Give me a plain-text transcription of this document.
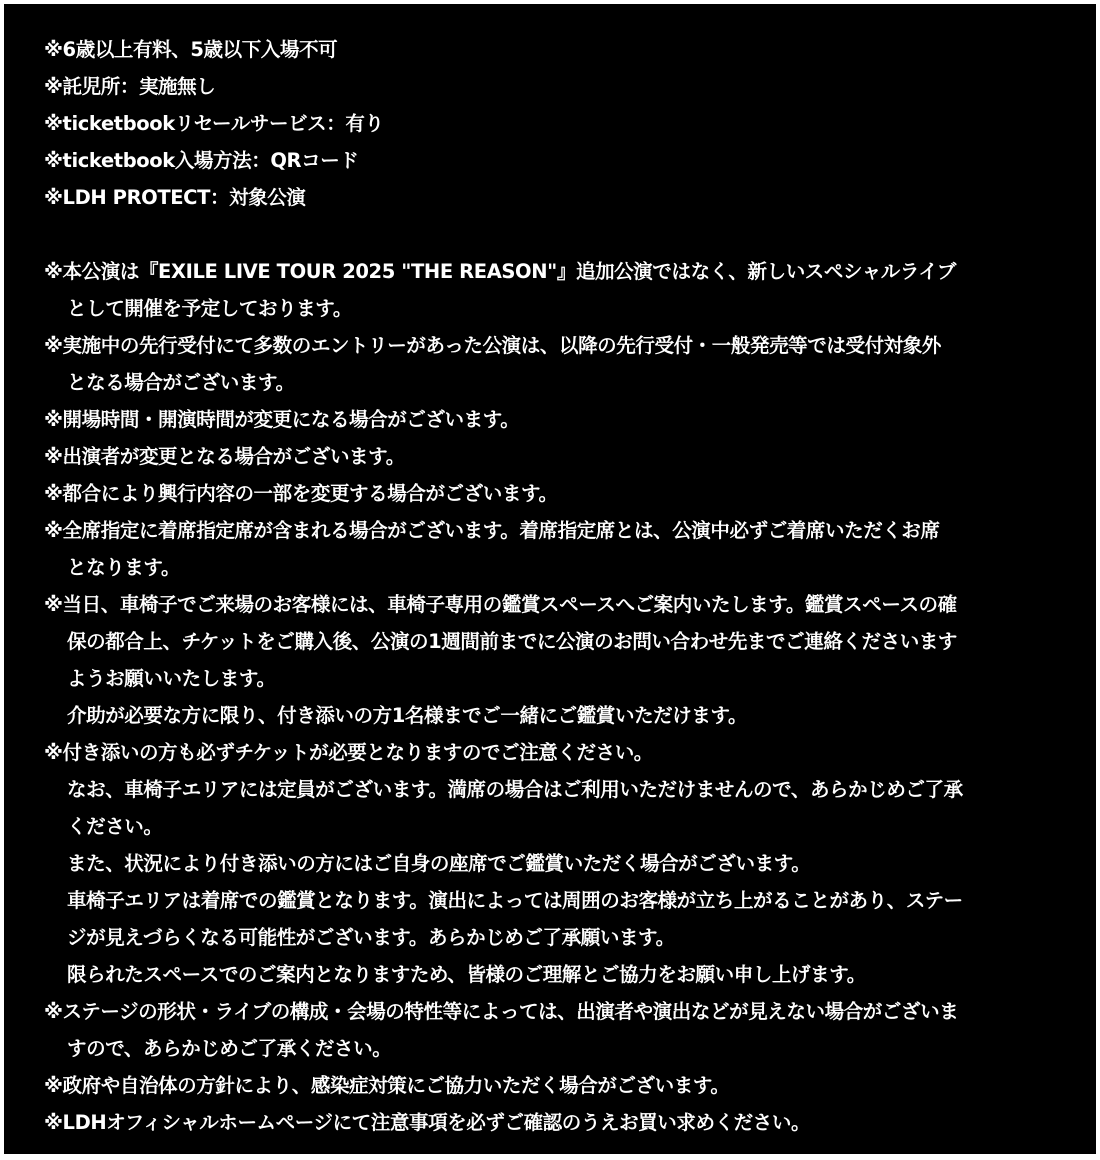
※6歳以上有料、5歳以下入場不可
※託児所：実施無し
※ticketbookリセールサービス：有り
※ticketbook入場方法：QRコード
※LDH PROTECT：対象公演
※本公演は『EXILE LIVE TOUR 2025 "THE REASON"』追加公演ではなく、新しいスペシャルライブ
として開催を予定しております。
※実施中の先行受付にて多数のエントリーがあった公演は、以降の先行受付・一般発売等では受付対象外
となる場合がございます。
※開場時間・開演時間が変更になる場合がございます。
※出演者が変更となる場合がございます。
※都合により興行内容の一部を変更する場合がございます。
※全席指定に着席指定席が含まれる場合がございます。着席指定席とは、公演中必ずご着席いただくお席
となります。
※当日、車椅子でご来場のお客様には、車椅子専用の鑑賞スペースへご案内いたします。鑑賞スペースの確
保の都合上、チケットをご購入後、公演の1週間前までに公演のお問い合わせ先までご連絡くださいます
ようお願いいたします。
介助が必要な方に限り、付き添いの方1名様までご一緒にご鑑賞いただけます。
※付き添いの方も必ずチケットが必要となりますのでご注意ください。
なお、車椅子エリアには定員がございます。満席の場合はご利用いただけませんので、あらかじめご了承
ください。
また、状況により付き添いの方にはご自身の座席でご鑑賞いただく場合がございます。
車椅子エリアは着席での鑑賞となります。演出によっては周囲のお客様が立ち上がることがあり、ステー
ジが見えづらくなる可能性がございます。あらかじめご了承願います。
限られたスペースでのご案内となりますため、皆様のご理解とご協力をお願い申し上げます。
※ステージの形状・ライブの構成・会場の特性等によっては、出演者や演出などが見えない場合がございま
すので、あらかじめご了承ください。
※政府や自治体の方針により、感染症対策にご協力いただく場合がございます。
※LDHオフィシャルホームページにて注意事項を必ずご確認のうえお買い求めください。
